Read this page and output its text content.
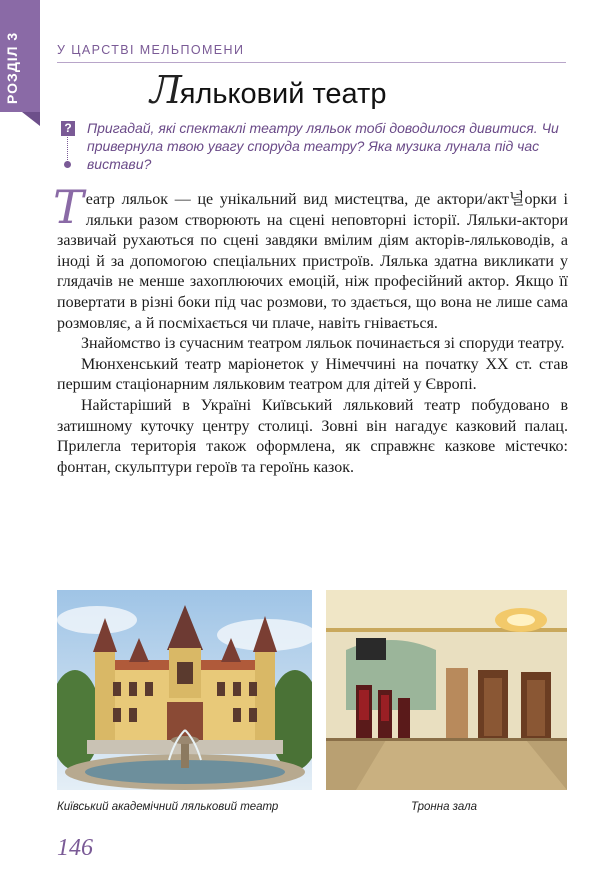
РОЗДІЛ 3	У ЦАРСТВІ МЕЛЬПОМЕНИ
Ляльковий театр
? Пригадай, які спектаклі театру ляльок тобі доводилося дивитися. Чи привернула твою увагу споруда театру? Яка музика лунала під час вистави?

Театр ляльок — це унікальний вид мистецтва, де актори/акт널орки і ляльки разом створюють на сцені неповторні історії. Ляльки-актори зазвичай рухаються по сцені завдяки вмілим діям акторів-ляльководів, а іноді й за допомогою спеціальних пристроїв. Лялька здатна викликати у глядачів не менше захоплюючих емоцій, ніж професійний актор. Якщо її повертати в різні боки під час розмови, то здається, що вона не лише сама розмовляє, а й посміхається чи плаче, навіть гнівається.

Знайомство із сучасним театром ляльок починається зі споруди театру.

Мюнхенський театр маріонеток у Німеччині на початку ХХ ст. став першим стаціонарним ляльковим театром для дітей у Європі.

Найстаріший в Україні Київський ляльковий театр побудовано в затишному куточку центру столиці. Зовні він нагадує казковий палац. Прилегла територія також оформлена, як справжнє казкове містечко: фонтан, скульптури героїв та героїнь казок.

Київський академічний ляльковий театр	Тронна зала
146
